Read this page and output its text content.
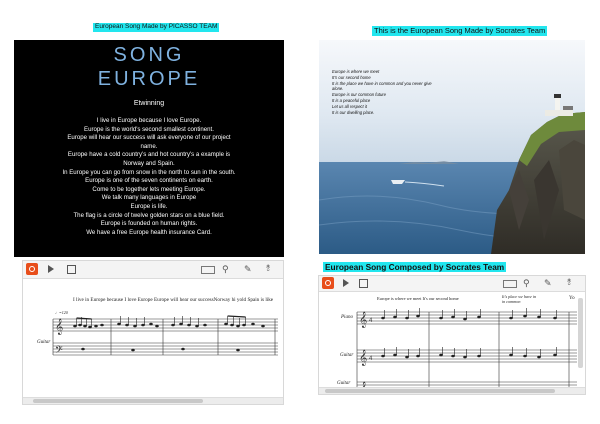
European Song Made by PICASSO TEAM	This is the European Song Made by Socrates Team
European Song Composed by Socrates Team
SONG
EUROPE
Etwinning
I live in Europe because I love Europe.
Europe is the world's second smallest continent.
Europe will hear our success will ask everyone of our project
name.
Europe have a cold country's and hot country's a example is
Norway and Spain.
In Europe you can go from snow in the north to sun in the south.
Europe is one of the seven continents on earth.
Come to be together lets meeting Europe.
We talk many languages in Europe
Europe is life.
The flag is a circle of twelve golden stars on a blue field.
Europe is founded on human rights.
We have a free Europe health insurance Card.
Europe is where we meet
It's our second home
It is the place we have in common and you never give
alone.
Europe is our common future
It is a peaceful place
Let us all respect it
It is our dwelling place.
⚲ ✎ ⥉
I live in Europe because I love Europe Europe will hear our successNorway hi yold Spain is like
♩=120
Guitar
𝄞
𝄢
⚲ ✎ ⥉
Europe is where we meet It's our second home	It's place we have in
in common
Yo
Piano
Guitar
Guitar
𝄞
𝄞
4
4
